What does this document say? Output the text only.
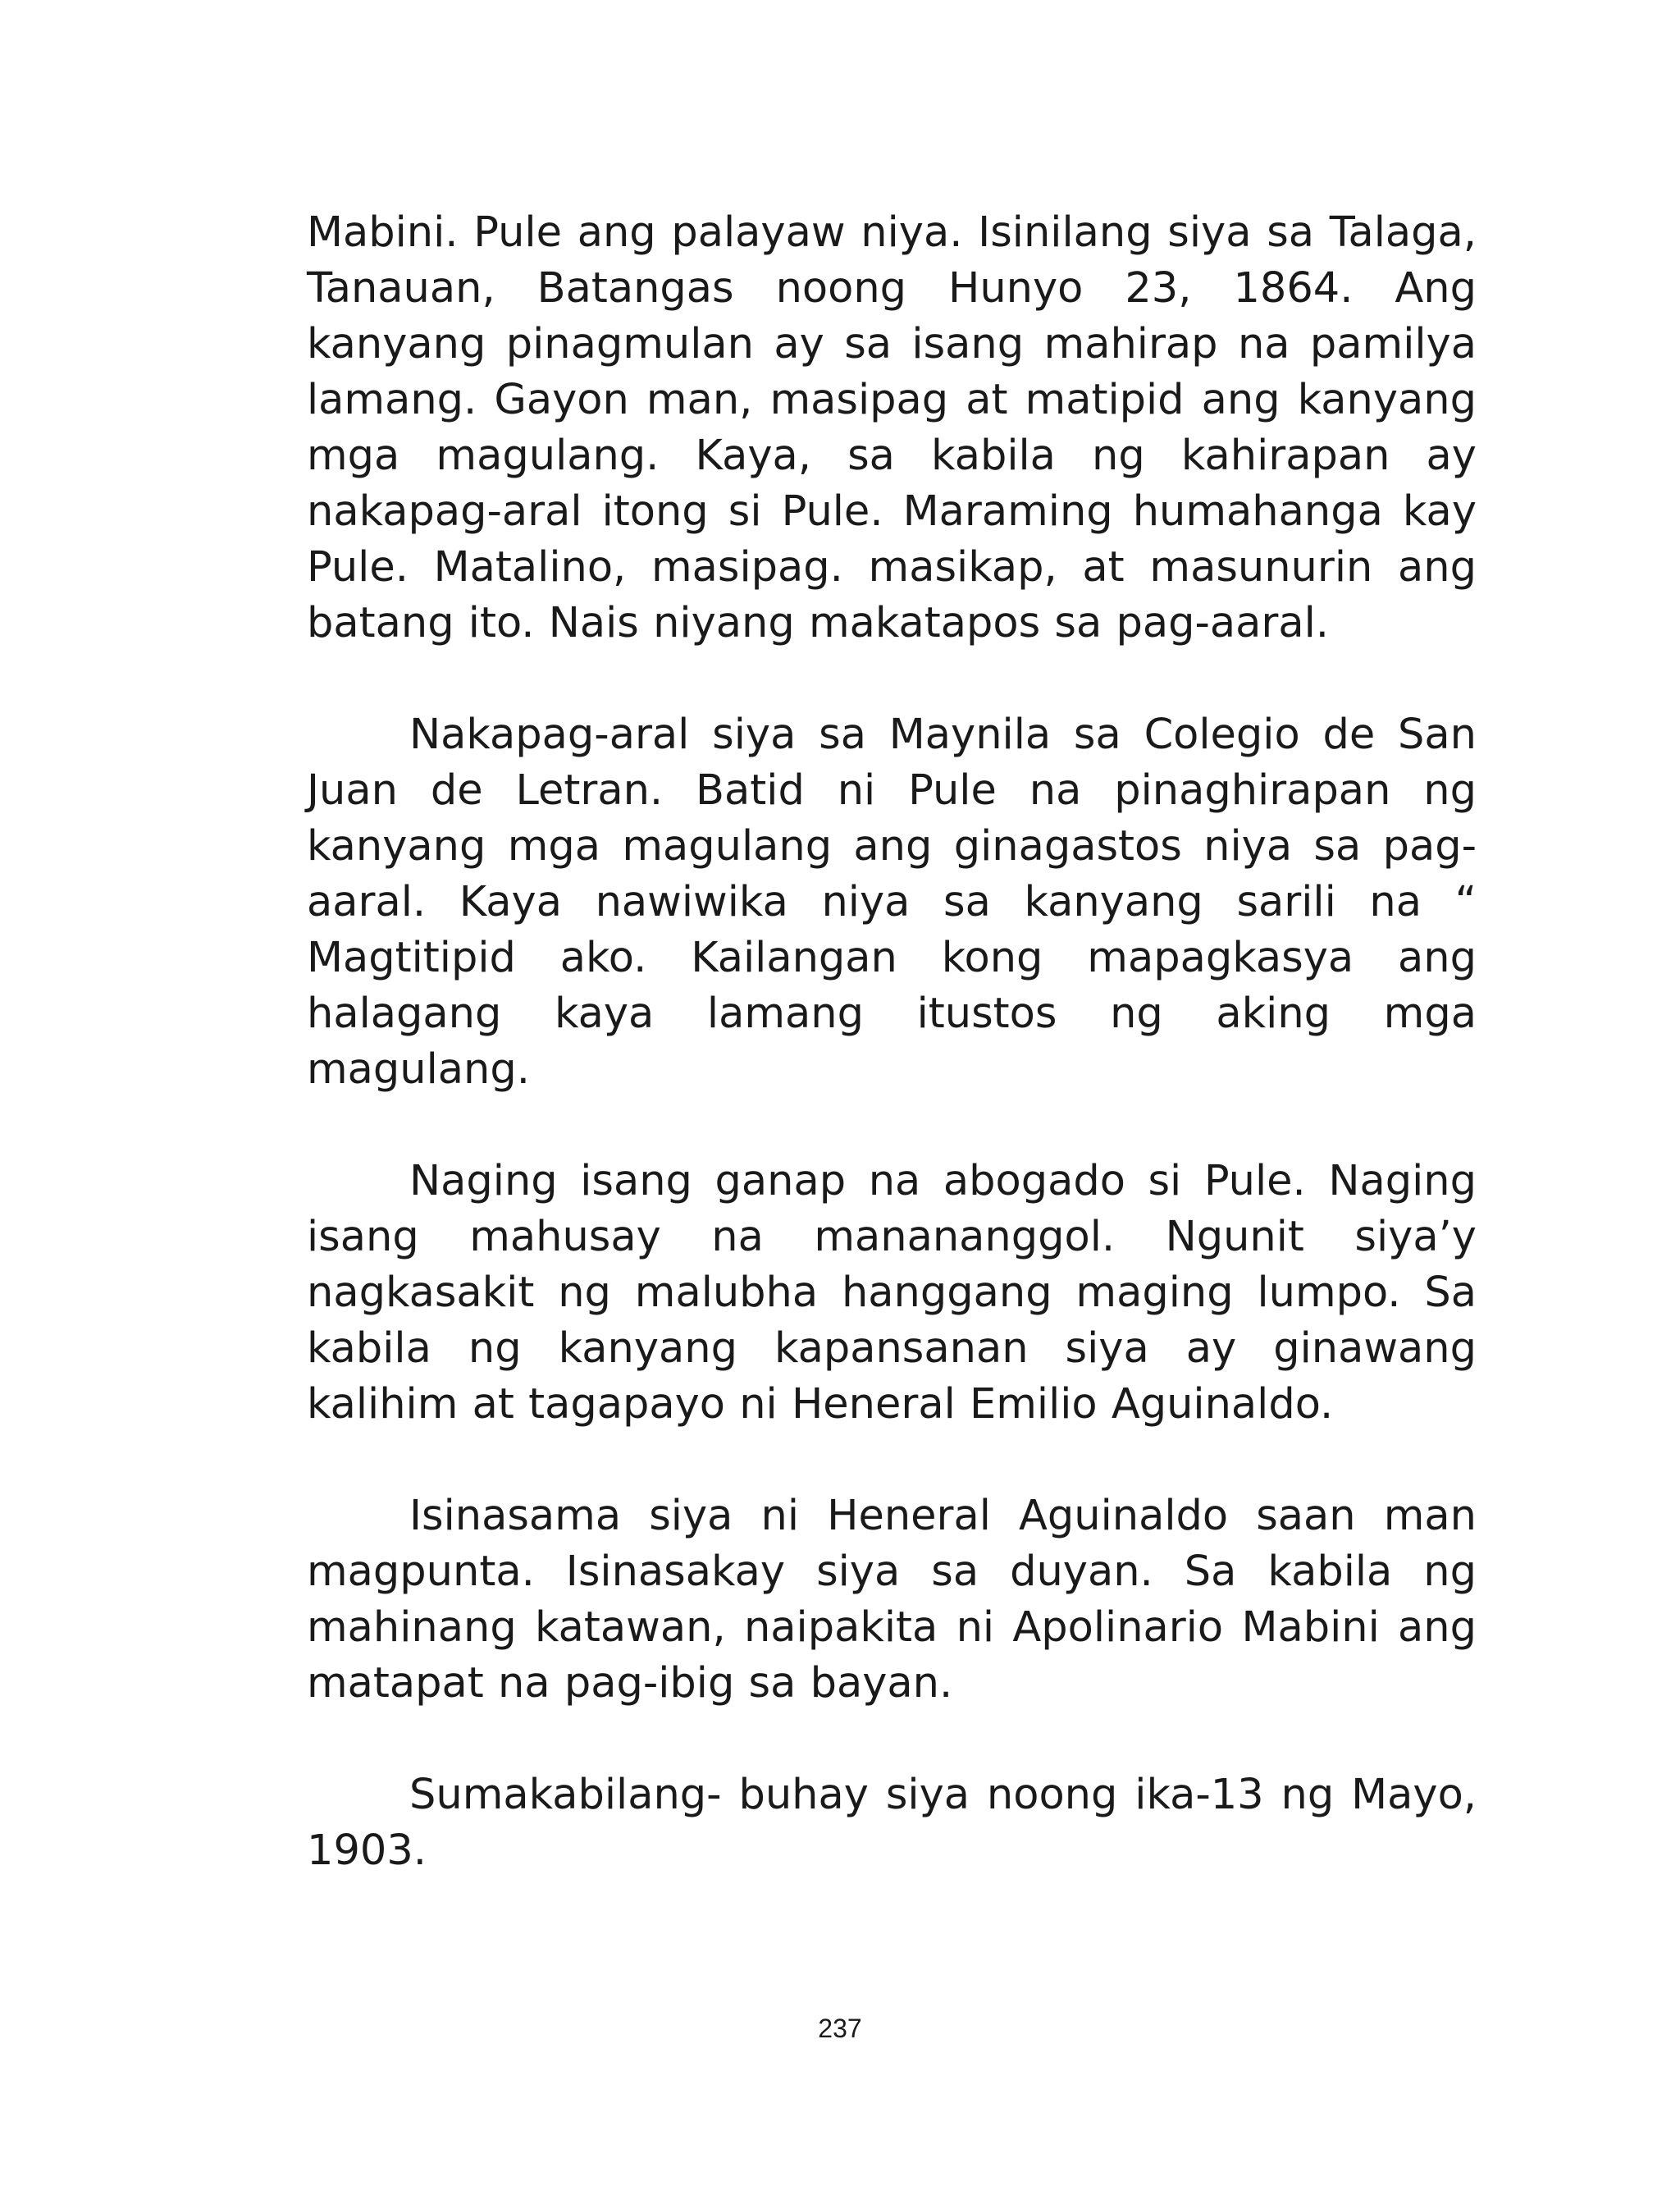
Mabini. Pule ang palayaw niya. Isinilang siya sa Talaga, Tanauan, Batangas noong Hunyo 23, 1864. Ang kanyang pinagmulan ay sa isang mahirap na pamilya lamang. Gayon man, masipag at matipid ang kanyang mga magulang. Kaya, sa kabila ng kahirapan ay nakapag-aral itong si Pule. Maraming humahanga kay Pule. Matalino, masipag. masikap, at masunurin ang batang ito. Nais niyang makatapos sa pag-aaral.

Nakapag-aral siya sa Maynila sa Colegio de San Juan de Letran. Batid ni Pule na pinaghirapan ng kanyang mga magulang ang ginagastos niya sa pag-aaral. Kaya nawiwika niya sa kanyang sarili na “ Magtitipid ako. Kailangan kong mapagkasya ang halagang kaya lamang itustos ng aking mga magulang.

Naging isang ganap na abogado si Pule. Naging isang mahusay na manananggol. Ngunit siya’y nagkasakit ng malubha hanggang maging lumpo. Sa kabila ng kanyang kapansanan siya ay ginawang kalihim at tagapayo ni Heneral Emilio Aguinaldo.

Isinasama siya ni Heneral Aguinaldo saan man magpunta. Isinasakay siya sa duyan. Sa kabila ng mahinang katawan, naipakita ni Apolinario Mabini ang matapat na pag-ibig sa bayan.

Sumakabilang- buhay siya noong ika-13 ng Mayo, 1903.

237
